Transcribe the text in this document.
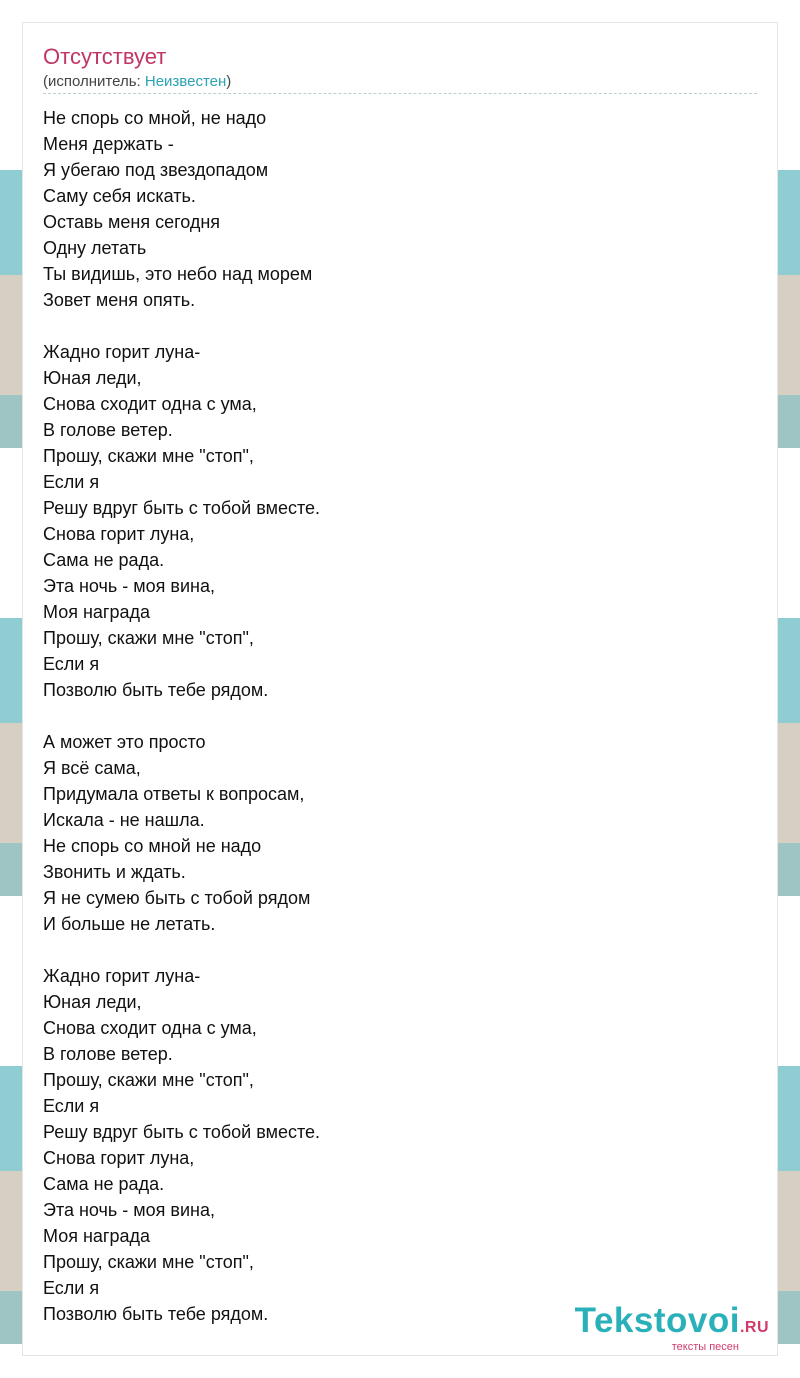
Отсутствует
(исполнитель: Неизвестен)
Не спорь со мной, не надо
Меня держать -
Я убегаю под звездопадом
Саму себя искать.
Оставь меня сегодня
Одну летать
Ты видишь, это небо над морем
Зовет меня опять.
Жадно горит луна-
Юная леди,
Снова сходит одна с ума,
В голове ветер.
Прошу, скажи мне "стоп",
Если я
Решу вдруг быть с тобой вместе.
Снова горит луна,
Сама не рада.
Эта ночь - моя вина,
Моя награда
Прошу, скажи мне "стоп",
Если я
Позволю быть тебе рядом.
А может это просто
Я всё сама,
Придумала ответы к вопросам,
Искала - не нашла.
Не спорь со мной не надо
Звонить и ждать.
Я не сумею быть с тобой рядом
И больше не летать.
Жадно горит луна-
Юная леди,
Снова сходит одна с ума,
В голове ветер.
Прошу, скажи мне "стоп",
Если я
Решу вдруг быть с тобой вместе.
Снова горит луна,
Сама не рада.
Эта ночь - моя вина,
Моя награда
Прошу, скажи мне "стоп",
Если я
Позволю быть тебе рядом.	Tekstovoi.RU
тексты песен
